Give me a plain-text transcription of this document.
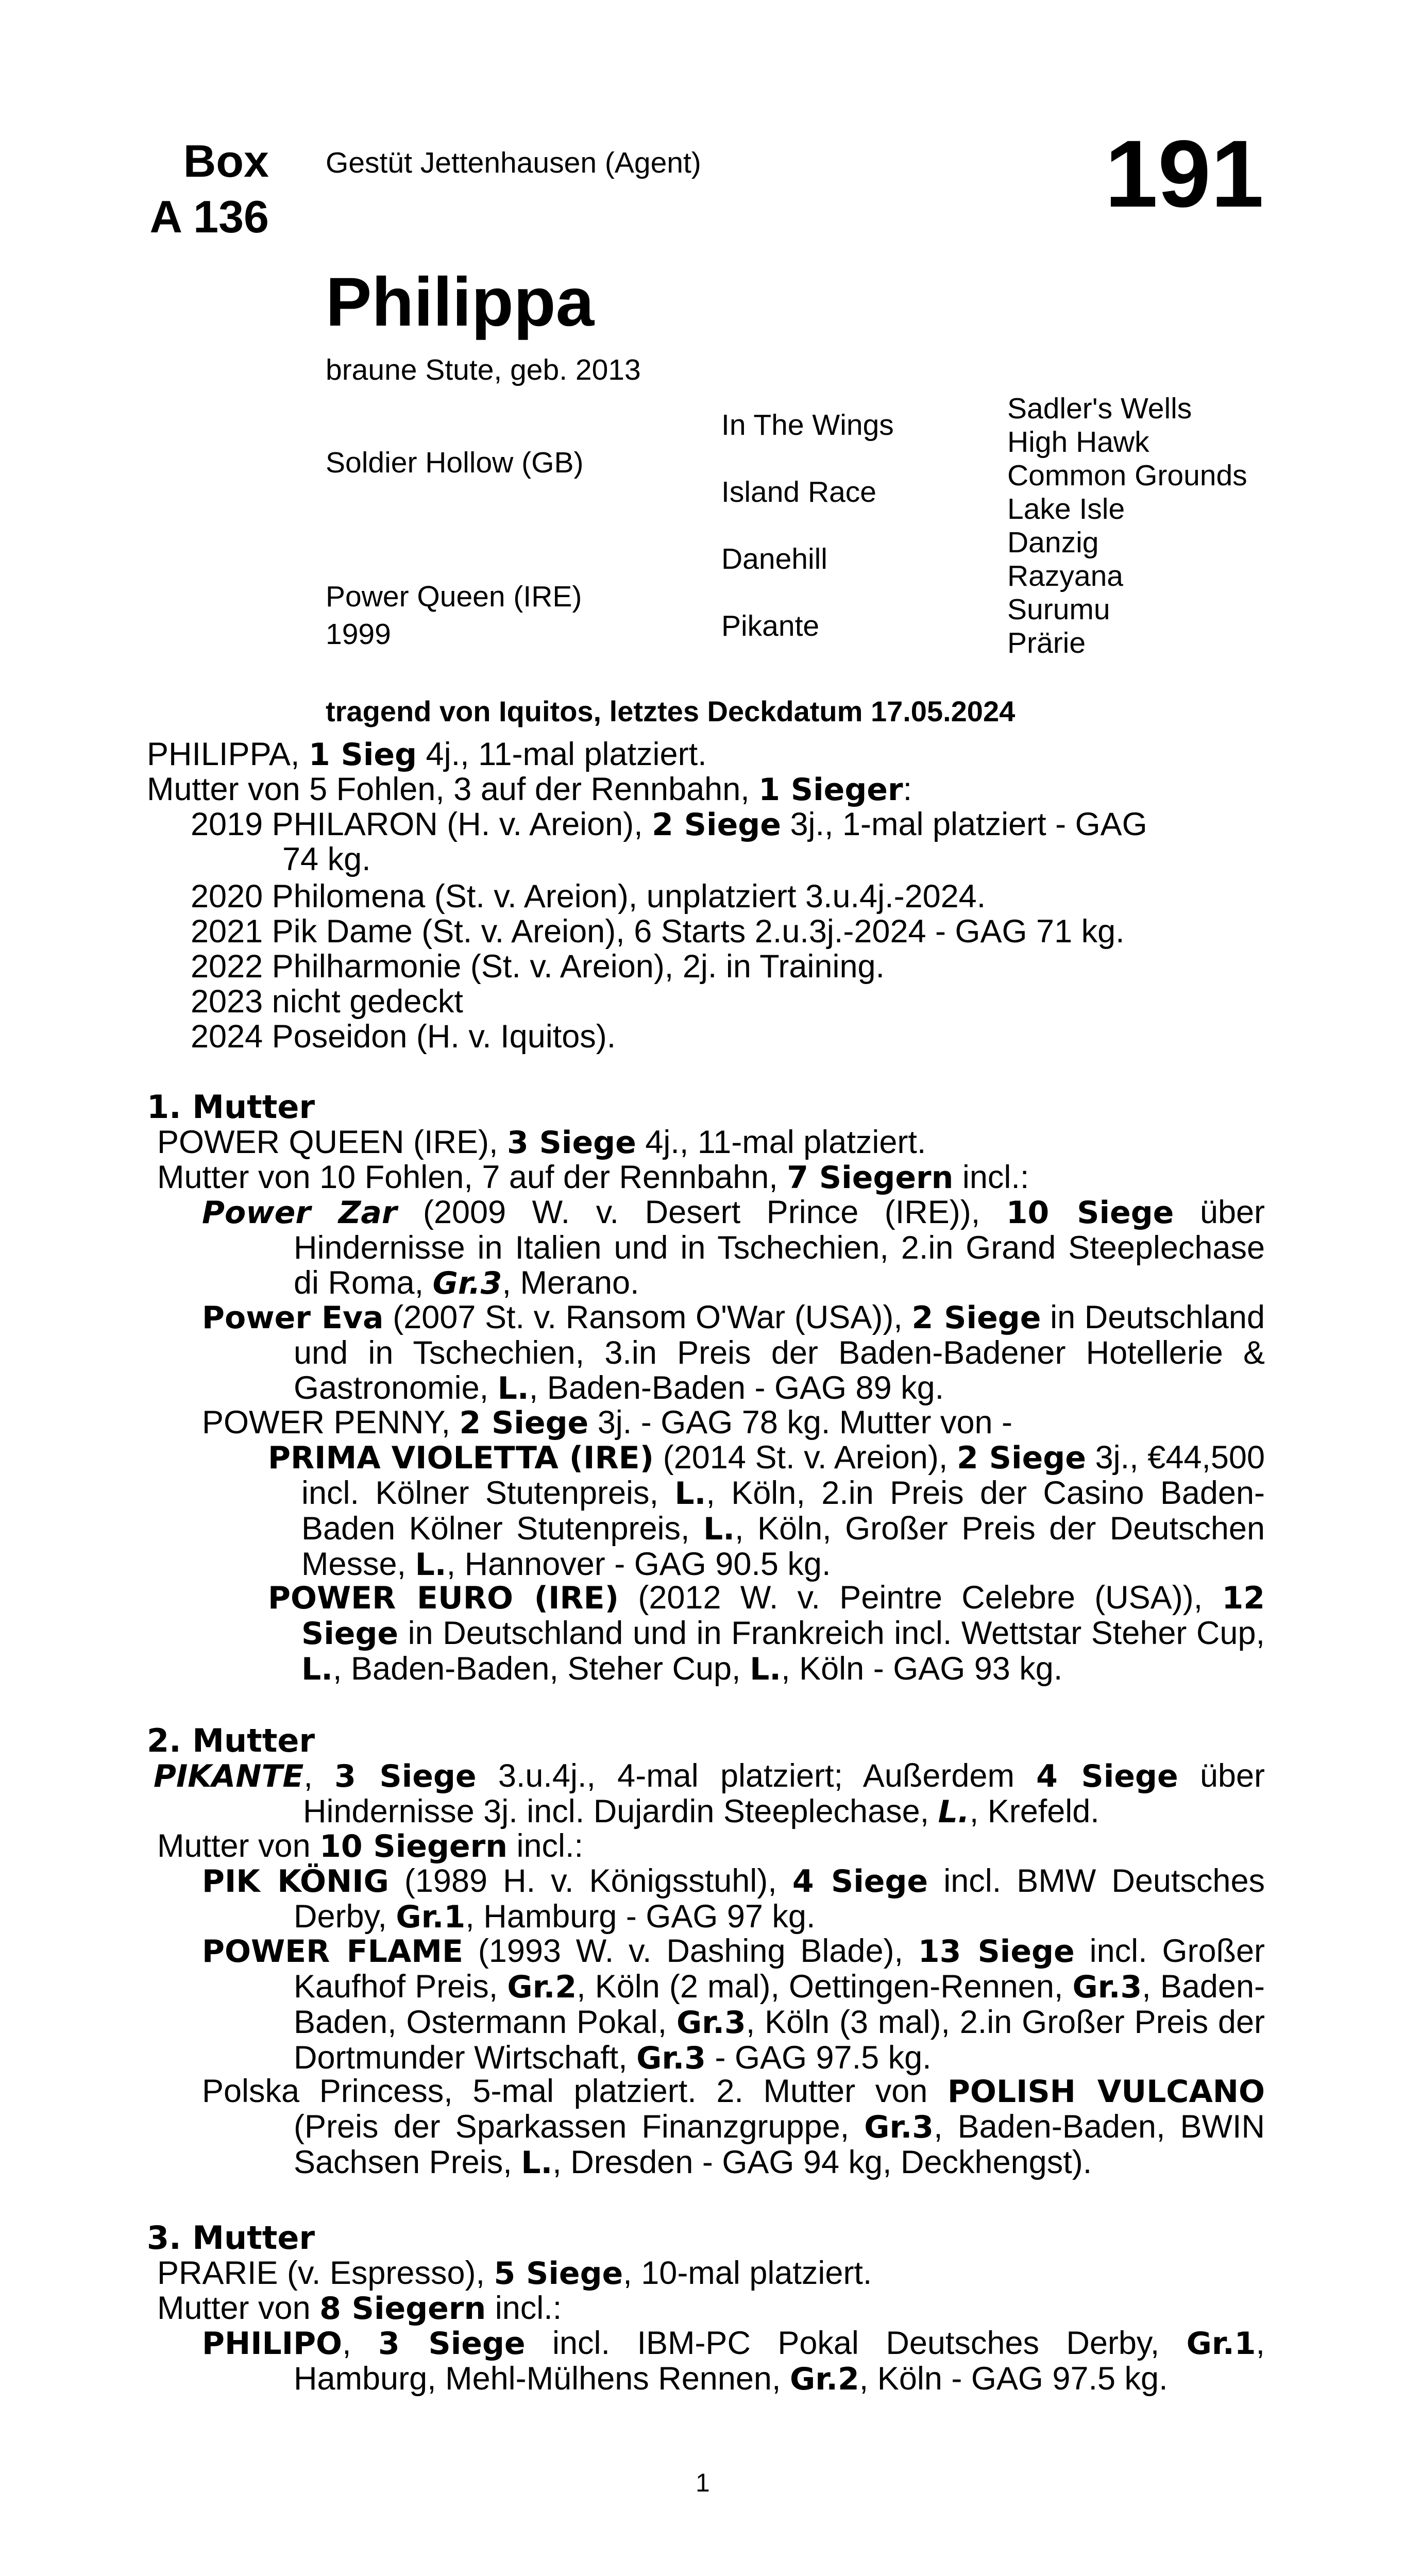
Box
A 136
Gestüt Jettenhausen (Agent)	191
Philippa
braune Stute, geb. 2013
Soldier Hollow (GB)
Power Queen (IRE)
1999
In The Wings
Island Race
Danehill
Pikante
Sadler's Wells
High Hawk
Common Grounds
Lake Isle
Danzig
Razyana
Surumu
Prärie
tragend von Iquitos, letztes Deckdatum 17.05.2024
PHILIPPA, 1 Sieg 4j., 11-mal platziert.
Mutter von 5 Fohlen, 3 auf der Rennbahn, 1 Sieger:
2019 PHILARON (H. v. Areion), 2 Siege 3j., 1-mal platziert - GAG
74 kg.
2020 Philomena (St. v. Areion), unplatziert 3.u.4j.-2024.
2021 Pik Dame (St. v. Areion), 6 Starts 2.u.3j.-2024 - GAG 71 kg.
2022 Philharmonie (St. v. Areion), 2j. in Training.
2023 nicht gedeckt
2024 Poseidon (H. v. Iquitos).
1. Mutter
POWER QUEEN (IRE), 3 Siege 4j., 11-mal platziert.
Mutter von 10 Fohlen, 7 auf der Rennbahn, 7 Siegern incl.:
Power Zar (2009 W. v. Desert Prince (IRE)), 10 Siege über Hindernisse in Italien und in Tschechien, 2.in Grand Steeplechase di Roma, Gr.3, Merano.
Power Eva (2007 St. v. Ransom O'War (USA)), 2 Siege in Deutschland und in Tschechien, 3.in Preis der Baden-Badener Hotellerie & Gastronomie, L., Baden-Baden - GAG 89 kg.
POWER PENNY, 2 Siege 3j. - GAG 78 kg. Mutter von -
PRIMA VIOLETTA (IRE) (2014 St. v. Areion), 2 Siege 3j., €44,500 incl. Kölner Stutenpreis, L., Köln, 2.in Preis der Casino Baden-Baden Kölner Stutenpreis, L., Köln, Großer Preis der Deutschen Messe, L., Hannover - GAG 90.5 kg.
POWER EURO (IRE) (2012 W. v. Peintre Celebre (USA)), 12 Siege in Deutschland und in Frankreich incl. Wettstar Steher Cup, L., Baden-Baden, Steher Cup, L., Köln - GAG 93 kg.
2. Mutter
PIKANTE, 3 Siege 3.u.4j., 4-mal platziert; Außerdem 4 Siege über Hindernisse 3j. incl. Dujardin Steeplechase, L., Krefeld.
Mutter von 10 Siegern incl.:
PIK KÖNIG (1989 H. v. Königsstuhl), 4 Siege incl. BMW Deutsches Derby, Gr.1, Hamburg - GAG 97 kg.
POWER FLAME (1993 W. v. Dashing Blade), 13 Siege incl. Großer Kaufhof Preis, Gr.2, Köln (2 mal), Oettingen-Rennen, Gr.3, Baden-Baden, Ostermann Pokal, Gr.3, Köln (3 mal), 2.in Großer Preis der Dortmunder Wirtschaft, Gr.3 - GAG 97.5 kg.
Polska Princess, 5-mal platziert. 2. Mutter von POLISH VULCANO (Preis der Sparkassen Finanzgruppe, Gr.3, Baden-Baden, BWIN Sachsen Preis, L., Dresden - GAG 94 kg, Deckhengst).
3. Mutter
PRARIE (v. Espresso), 5 Siege, 10-mal platziert.
Mutter von 8 Siegern incl.:
PHILIPO, 3 Siege incl. IBM-PC Pokal Deutsches Derby, Gr.1, Hamburg, Mehl-Mülhens Rennen, Gr.2, Köln - GAG 97.5 kg.
1
